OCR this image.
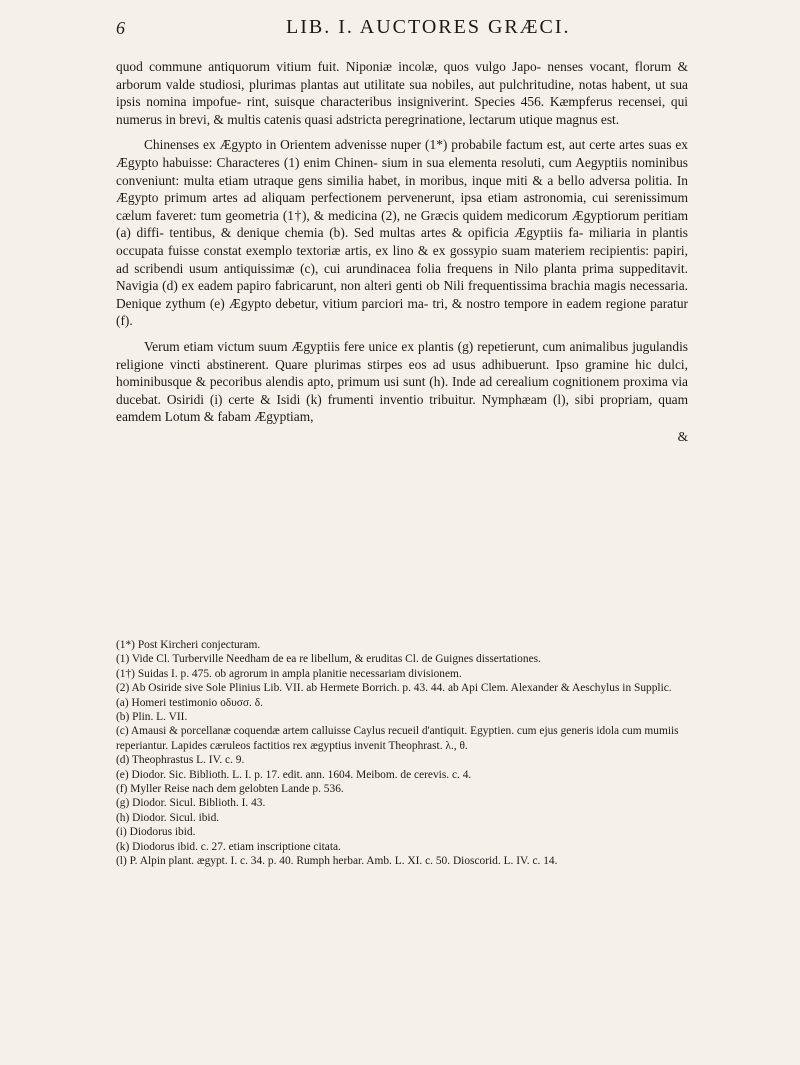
6	LIB. I. AUCTORES GRÆCI.

quod commune antiquorum vitium fuit. Niponiæ incolæ, quos vulgo Japo- nenses vocant, florum & arborum valde studiosi, plurimas plantas aut utilitate sua nobiles, aut pulchritudine, notas habent, ut sua ipsis nomina impofue- rint, suisque characteribus insigniverint. Species 456. Kæmpferus recensei, qui numerus in brevi, & multis catenis quasi adstricta peregrinatione, lectarum utique magnus est.

Chinenses ex Ægypto in Orientem advenisse nuper (1*) probabile factum est, aut certe artes suas ex Ægypto habuisse: Characteres (1) enim Chinen- sium in sua elementa resoluti, cum Aegyptiis nominibus conveniunt: multa etiam utraque gens similia habet, in moribus, inque miti & a bello adversa politia. In Ægypto primum artes ad aliquam perfectionem pervenerunt, ipsa etiam astronomia, cui serenissimum cælum faveret: tum geometria (1†), & medicina (2), ne Græcis quidem medicorum Ægyptiorum peritiam (a) diffi- tentibus, & denique chemia (b). Sed multas artes & opificia Ægyptiis fa- miliaria in plantis occupata fuisse constat exemplo textoriæ artis, ex lino & ex gossypio suam materiem recipientis: papiri, ad scribendi usum antiquissimæ (c), cui arundinacea folia frequens in Nilo planta prima suppeditavit. Navigia (d) ex eadem papiro fabricarunt, non alteri genti ob Nili frequentissima brachia magis necessaria. Denique zythum (e) Ægypto debetur, vitium parciori ma- tri, & nostro tempore in eadem regione paratur (f).

Verum etiam victum suum Ægyptiis fere unice ex plantis (g) repetierunt, cum animalibus jugulandis religione vincti abstinerent. Quare plurimas stirpes eos ad usus adhibuerunt. Ipso gramine hic dulci, hominibusque & pecoribus alendis apto, primum usi sunt (h). Inde ad cerealium cognitionem proxima via ducebat. Osiridi (i) certe & Isidi (k) frumenti inventio tribuitur. Nymphæam (l), sibi propriam, quam eamdem Lotum & fabam Ægyptiam,

&

(1*) Post Kircheri conjecturam.

(1) Vide Cl. Turberville Needham de ea re libellum, & eruditas Cl. de Guignes dissertationes.

(1†) Suidas I. p. 475. ob agrorum in ampla planitie necessariam divisionem.

(2) Ab Osiride sive Sole Plinius Lib. VII. ab Hermete Borrich. p. 43. 44. ab Api Clem. Alexander & Aeschylus in Supplic.

(a) Homeri testimonio οδυσσ. δ.

(b) Plin. L. VII.

(c) Amausi & porcellanæ coquendæ artem calluisse Caylus recueil d'antiquit. Egyptien. cum ejus generis idola cum mumiis reperiantur. Lapides cæruleos factitios rex ægyptius invenit Theophrast. λ., θ.

(d) Theophrastus L. IV. c. 9.

(e) Diodor. Sic. Biblioth. L. I. p. 17. edit. ann. 1604. Meibom. de cerevis. c. 4.

(f) Myller Reise nach dem gelobten Lande p. 536.

(g) Diodor. Sicul. Biblioth. I. 43.

(h) Diodor. Sicul. ibid.

(i) Diodorus ibid.

(k) Diodorus ibid. c. 27. etiam inscriptione citata.

(l) P. Alpin plant. ægypt. I. c. 34. p. 40. Rumph herbar. Amb. L. XI. c. 50. Dioscorid. L. IV. c. 14.
